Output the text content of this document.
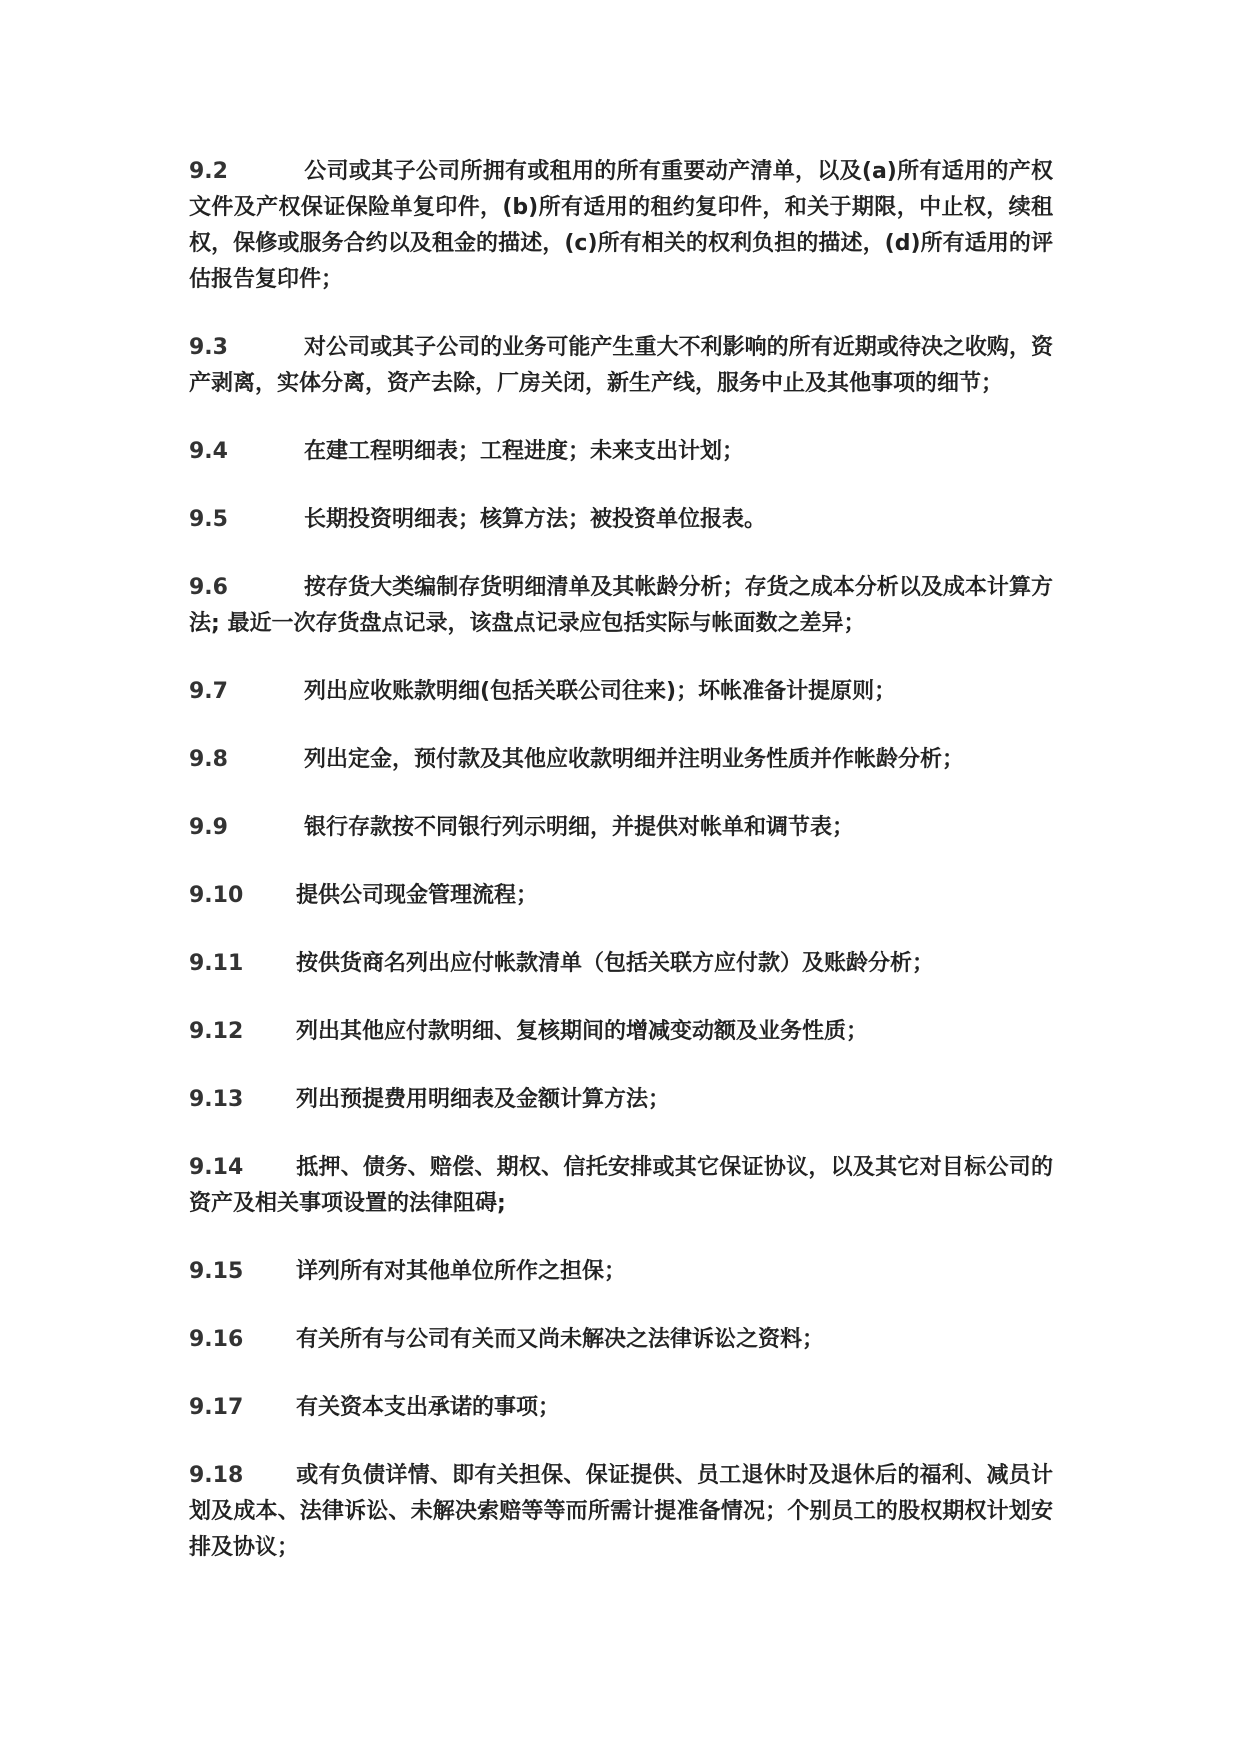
9.2	公司或其子公司所拥有或租用的所有重要动产清单，以及(a)所有适用的产权文件及产权保证保险单复印件，(b)所有适用的租约复印件，和关于期限，中止权，续租权，保修或服务合约以及租金的描述，(c)所有相关的权利负担的描述，(d)所有适用的评估报告复印件；

9.3	对公司或其子公司的业务可能产生重大不利影响的所有近期或待决之收购，资产剥离，实体分离，资产去除，厂房关闭，新生产线，服务中止及其他事项的细节；

9.4	在建工程明细表；工程进度；未来支出计划；

9.5	长期投资明细表；核算方法；被投资单位报表。

9.6	按存货大类编制存货明细清单及其帐龄分析；存货之成本分析以及成本计算方法; 最近一次存货盘点记录，该盘点记录应包括实际与帐面数之差异；

9.7	列出应收账款明细(包括关联公司往来)；坏帐准备计提原则；

9.8	列出定金，预付款及其他应收款明细并注明业务性质并作帐龄分析；

9.9	银行存款按不同银行列示明细，并提供对帐单和调节表；

9.10 提供公司现金管理流程；

9.11 按供货商名列出应付帐款清单（包括关联方应付款）及账龄分析；

9.12 列出其他应付款明细、复核期间的增减变动额及业务性质；

9.13 列出预提费用明细表及金额计算方法；

9.14 抵押、债务、赔偿、期权、信托安排或其它保证协议，以及其它对目标公司的资产及相关事项设置的法律阻碍;

9.15 详列所有对其他单位所作之担保；

9.16 有关所有与公司有关而又尚未解决之法律诉讼之资料；

9.17 有关资本支出承诺的事项；

9.18 或有负债详情、即有关担保、保证提供、员工退休时及退休后的福利、减员计划及成本、法律诉讼、未解决索赔等等而所需计提准备情况；个别员工的股权期权计划安排及协议；
